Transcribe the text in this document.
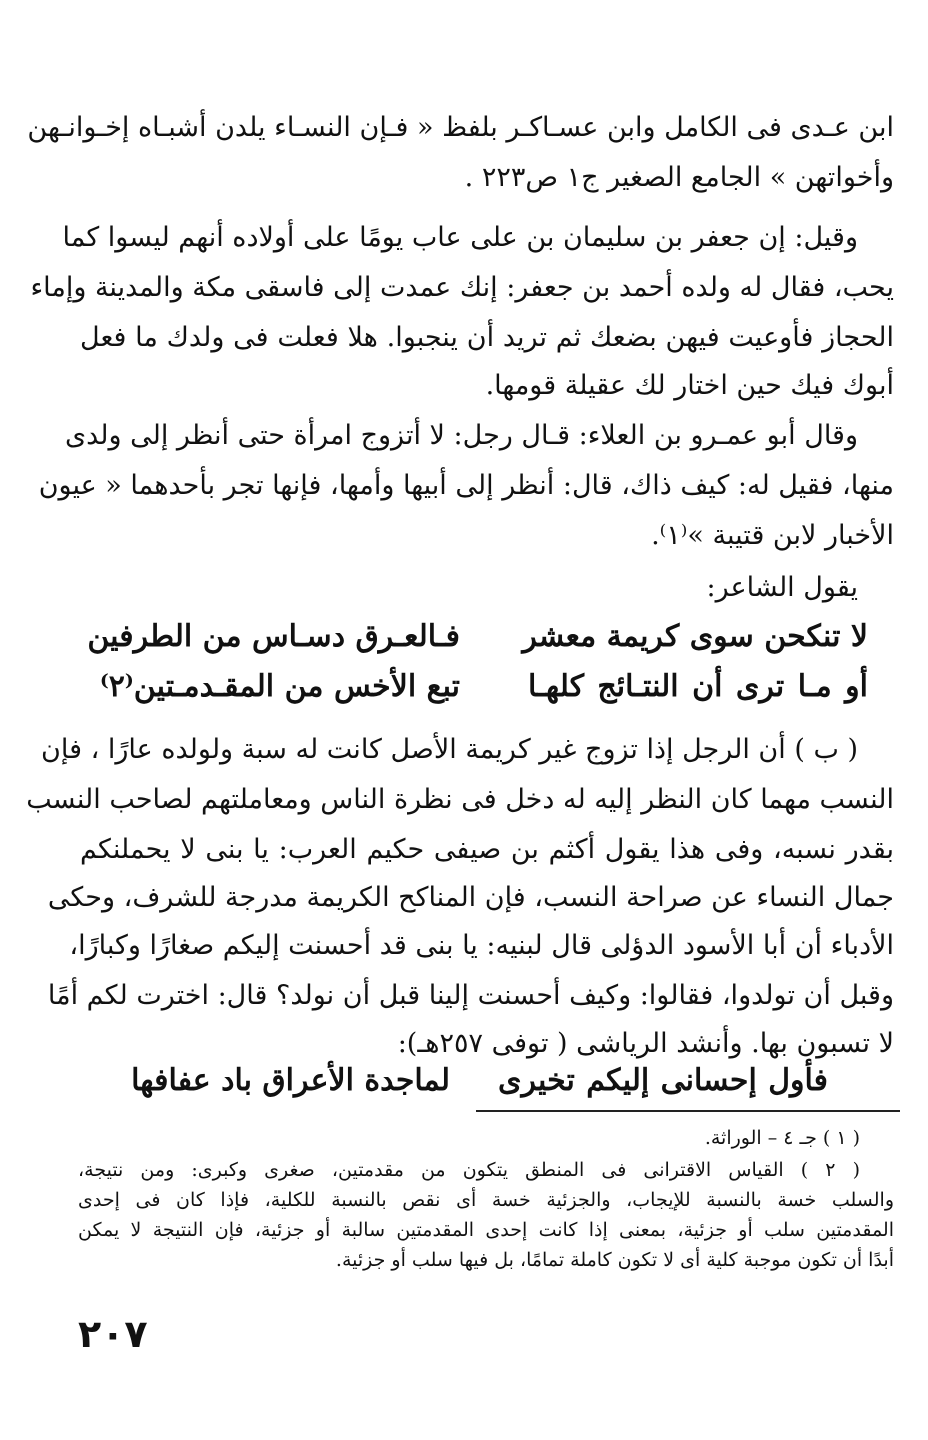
ابن عـدى فى الكامل وابن عسـاكـر بلفظ « فـإن النسـاء يلدن أشبـاه إخـوانـهن
وأخواتهن » الجامع الصغير ج١ ص٢٢٣ .
وقيل: إن جعفر بن سليمان بن على عاب يومًا على أولاده أنهم ليسوا كما
يحب، فقال له ولده أحمد بن جعفر: إنك عمدت إلى فاسقى مكة والمدينة وإماء
الحجاز فأوعيت فيهن بضعك ثم تريد أن ينجبوا. هلا فعلت فى ولدك ما فعل
أبوك فيك حين اختار لك عقيلة قومها.
وقال أبو عمـرو بن العلاء: قـال رجل: لا أتزوج امرأة حتى أنظر إلى ولدى
منها، فقيل له: كيف ذاك، قال: أنظر إلى أبيها وأمها، فإنها تجر بأحدهما « عيون
الأخبار لابن قتيبة »⁽١⁾.
يقول الشاعر:
لا تنكحن سوى كريمة معشر
فـالعـرق دسـاس من الطرفين
أو مـا ترى أن النتـائج كلهـا
تبع الأخس من المقـدمـتين⁽٢⁾
( ب ) أن الرجل إذا تزوج غير كريمة الأصل كانت له سبة ولولده عارًا ، فإن
النسب مهما كان النظر إليه له دخل فى نظرة الناس ومعاملتهم لصاحب النسب
بقدر نسبه، وفى هذا يقول أكثم بن صيفى حكيم العرب: يا بنى لا يحملنكم
جمال النساء عن صراحة النسب، فإن المناكح الكريمة مدرجة للشرف، وحكى
الأدباء أن أبا الأسود الدؤلى قال لبنيه: يا بنى قد أحسنت إليكم صغارًا وكبارًا،
وقبل أن تولدوا، فقالوا: وكيف أحسنت إلينا قبل أن نولد؟ قال: اخترت لكم أمًا
لا تسبون بها. وأنشد الرياشى ( توفى ٢٥٧هـ):
فأول إحسانى إليكم تخيرى
لماجدة الأعراق باد عفافها
( ١ ) جـ ٤ – الوراثة.
( ٢ ) القياس الاقترانى فى المنطق يتكون من مقدمتين، صغرى وكبرى: ومن نتيجة،
والسلب خسة بالنسبة للإيجاب، والجزئية خسة أى نقص بالنسبة للكلية، فإذا كان فى إحدى
المقدمتين سلب أو جزئية، بمعنى إذا كانت إحدى المقدمتين سالبة أو جزئية، فإن النتيجة لا يمكن
أبدًا أن تكون موجبة كلية أى لا تكون كاملة تمامًا، بل فيها سلب أو جزئية.
٢٠٧
